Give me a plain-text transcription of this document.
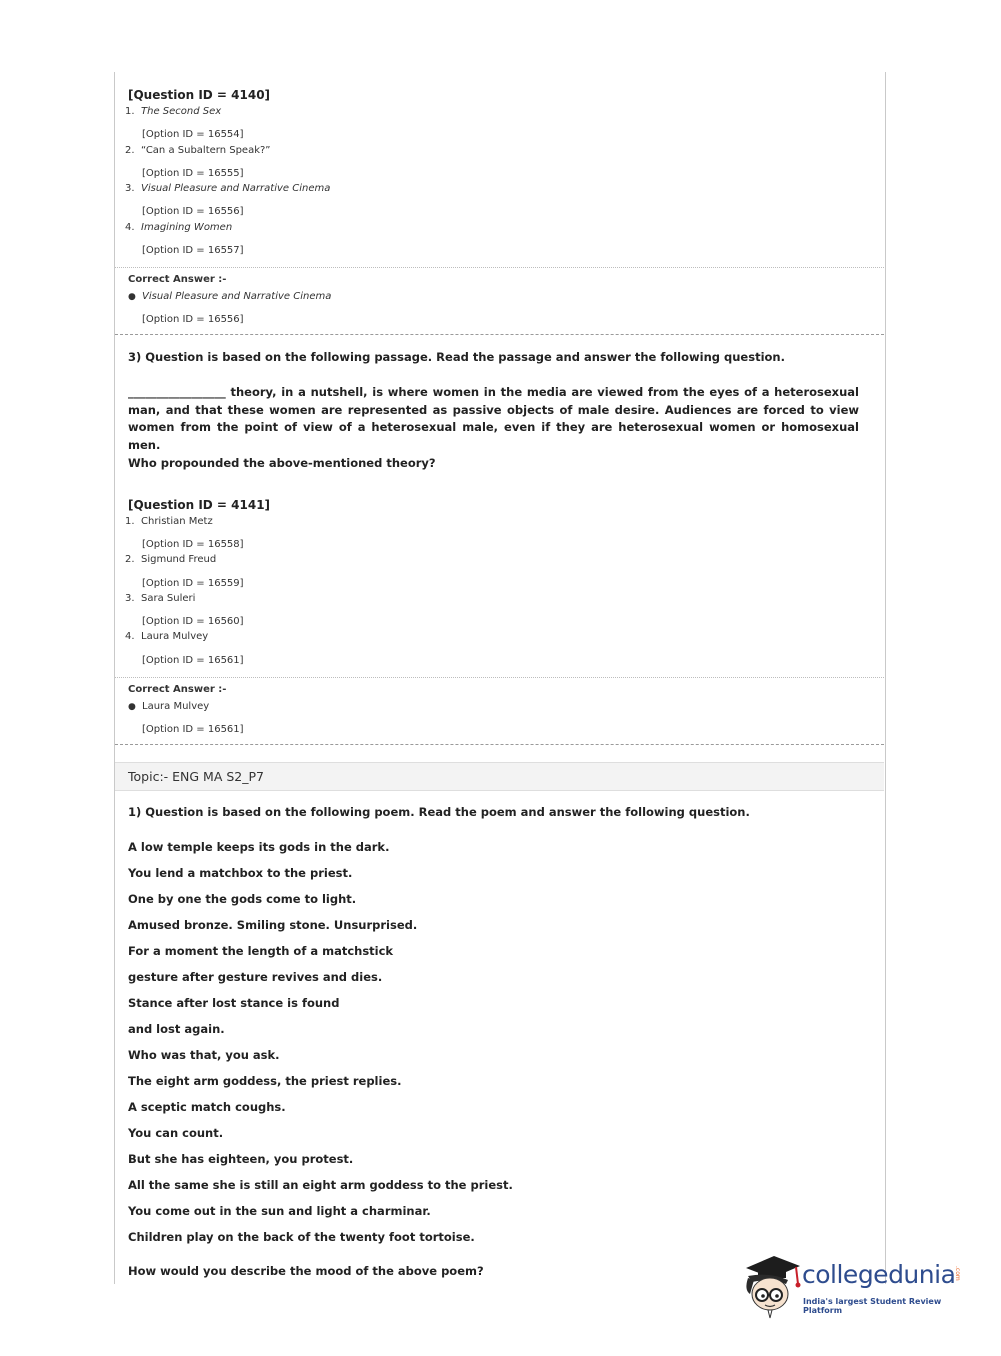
[Question ID = 4140]
1. The Second Sex
[Option ID = 16554]
2. “Can a Subaltern Speak?”
[Option ID = 16555]
3. Visual Pleasure and Narrative Cinema
[Option ID = 16556]
4. Imagining Women
[Option ID = 16557]
Correct Answer :-
● Visual Pleasure and Narrative Cinema
[Option ID = 16556]
3) Question is based on the following passage. Read the passage and answer the following question.
_________________ theory, in a nutshell, is where women in the media are viewed from the eyes of a heterosexual man, and that these women are represented as passive objects of male desire. Audiences are forced to view women from the point of view of a heterosexual male, even if they are heterosexual women or homosexual men.
Who propounded the above-mentioned theory?
[Question ID = 4141]
1. Christian Metz
[Option ID = 16558]
2. Sigmund Freud
[Option ID = 16559]
3. Sara Suleri
[Option ID = 16560]
4. Laura Mulvey
[Option ID = 16561]
Correct Answer :-
● Laura Mulvey
[Option ID = 16561]
Topic:- ENG MA S2_P7
1) Question is based on the following poem. Read the poem and answer the following question.
A low temple keeps its gods in the dark.
You lend a matchbox to the priest.
One by one the gods come to light.
Amused bronze. Smiling stone. Unsurprised.
For a moment the length of a matchstick
gesture after gesture revives and dies.
Stance after lost stance is found
and lost again.
Who was that, you ask.
The eight arm goddess, the priest replies.
A sceptic match coughs.
You can count.
But she has eighteen, you protest.
All the same she is still an eight arm goddess to the priest.
You come out in the sun and light a charminar.
Children play on the back of the twenty foot tortoise.
How would you describe the mood of the above poem?	collegedunia
.com
India's largest Student Review Platform
